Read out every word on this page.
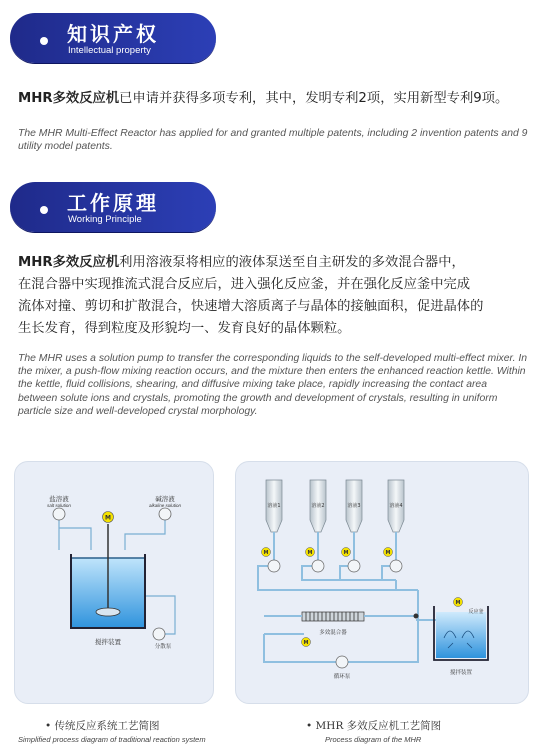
知识产权
Intellectual property
MHR多效反应机已申请并获得多项专利，其中，发明专利2项，实用新型专利9项。
The MHR Multi-Effect Reactor has applied for and granted multiple patents, including 2 invention patents and 9 utility model patents.
工作原理
Working Principle
MHR多效反应机利用溶液泵将相应的液体泵送至自主研发的多效混合器中，
在混合器中实现推流式混合反应后，进入强化反应釜，并在强化反应釜中完成
流体对撞、剪切和扩散混合，快速增大溶质离子与晶体的接触面积，促进晶体的
生长发育，得到粒度及形貌均一、发育良好的晶体颗粒。
The MHR uses a solution pump to transfer the corresponding liquids to the self-developed multi-effect mixer. In the mixer, a push-flow mixing reaction occurs, and the mixture then enters the enhanced reaction kettle. Within the kettle, fluid collisions, shearing, and diffusive mixing take place, rapidly increasing the contact area between solute ions and crystals, promoting the growth and development of crystals, resulting in uniform particle size and well-developed crystal morphology.
M
盐溶液
salt solution
碱溶液
alkaline solution
搅拌装置
分散泵
溶液1	溶液2	溶液3	溶液4
M	M	M	M
M
M
多效混合器
循环泵
反应釜
搅拌装置
• 传统反应系统工艺简图
Simplified process diagram of traditional reaction system
• MHR 多效反应机工艺简图
Process diagram of the MHR
